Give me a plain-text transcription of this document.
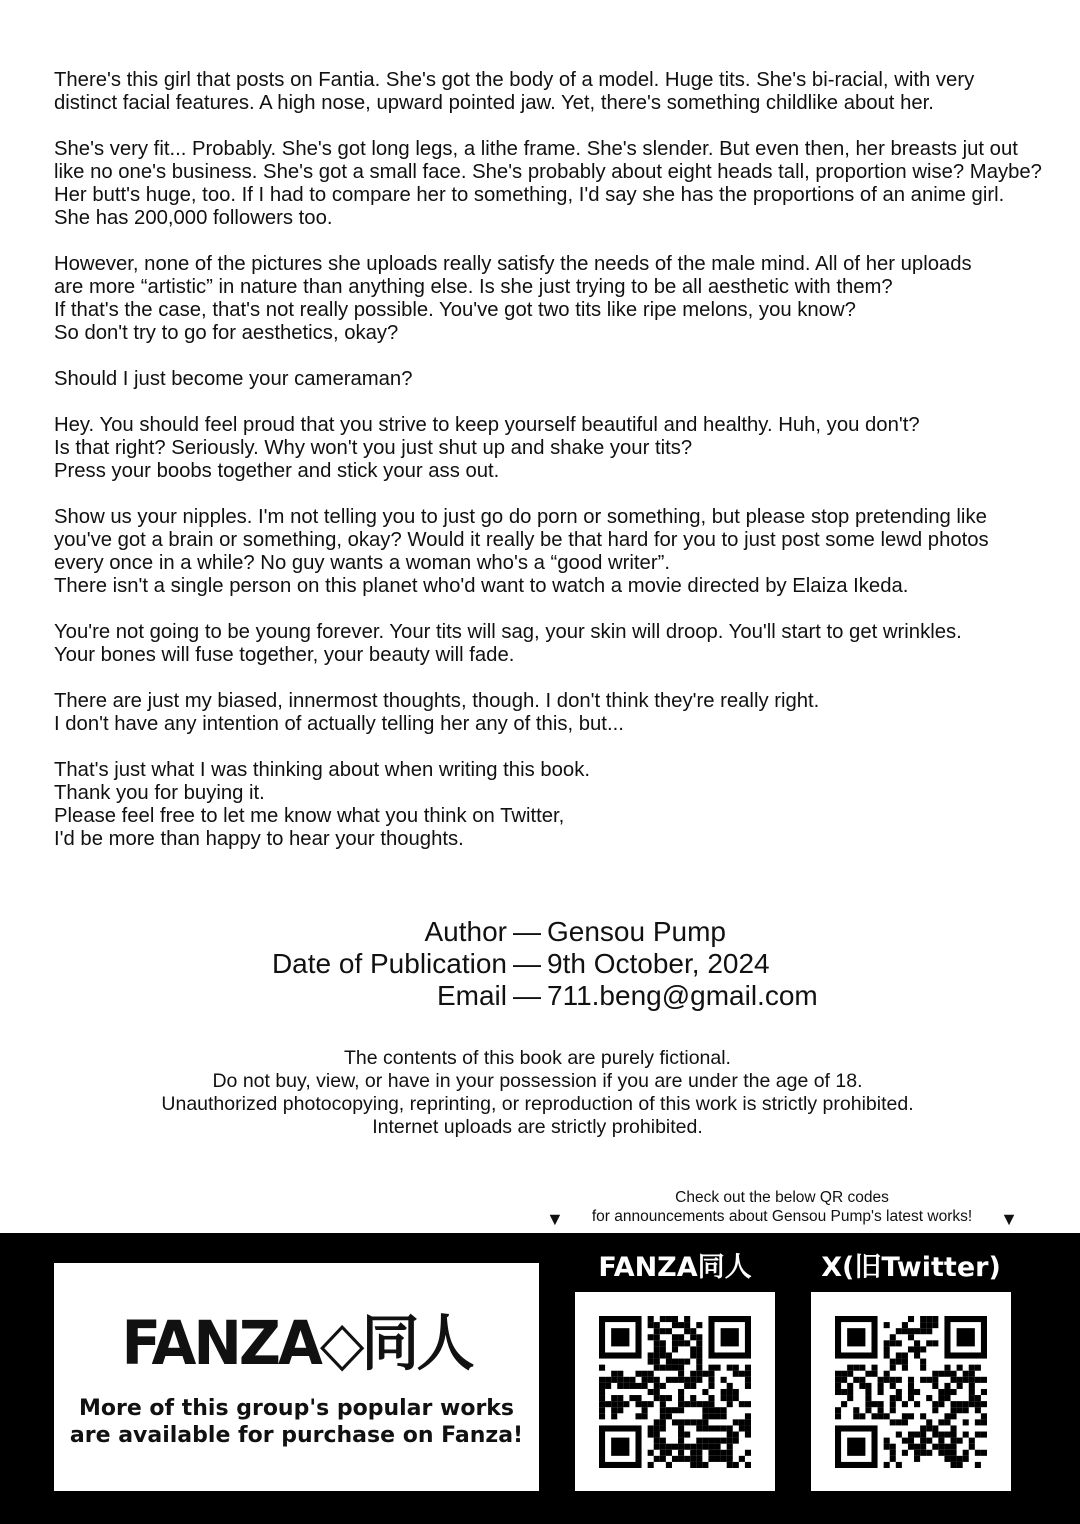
There's this girl that posts on Fantia. She's got the body of a model. Huge tits. She's bi-racial, with very
distinct facial features. A high nose, upward pointed jaw. Yet, there's something childlike about her.
She's very fit... Probably. She's got long legs, a lithe frame. She's slender. But even then, her breasts jut out
like no one's business. She's got a small face. She's probably about eight heads tall, proportion wise? Maybe?
Her butt's huge, too. If I had to compare her to something, I'd say she has the proportions of an anime girl.
She has 200,000 followers too.
However, none of the pictures she uploads really satisfy the needs of the male mind. All of her uploads
are more “artistic” in nature than anything else. Is she just trying to be all aesthetic with them?
If that's the case, that's not really possible. You've got two tits like ripe melons, you know?
So don't try to go for aesthetics, okay?
Should I just become your cameraman?
Hey. You should feel proud that you strive to keep yourself beautiful and healthy. Huh, you don't?
Is that right? Seriously. Why won't you just shut up and shake your tits?
Press your boobs together and stick your ass out.
Show us your nipples. I'm not telling you to just go do porn or something, but please stop pretending like
you've got a brain or something, okay? Would it really be that hard for you to just post some lewd photos
every once in a while? No guy wants a woman who's a “good writer”.
There isn't a single person on this planet who'd want to watch a movie directed by Elaiza Ikeda.
You're not going to be young forever. Your tits will sag, your skin will droop. You'll start to get wrinkles.
Your bones will fuse together, your beauty will fade.
There are just my biased, innermost thoughts, though. I don't think they're really right.
I don't have any intention of actually telling her any of this, but...
That's just what I was thinking about when writing this book.
Thank you for buying it.
Please feel free to let me know what you think on Twitter,
I'd be more than happy to hear your thoughts.
Author — Gensou Pump
Date of Publication — 9th October, 2024
Email — 711.beng@gmail.com
The contents of this book are purely fictional.
Do not buy, view, or have in your possession if you are under the age of 18.
Unauthorized photocopying, reprinting, or reproduction of this work is strictly prohibited.
Internet uploads are strictly prohibited.
▼
Check out the below QR codes
for announcements about Gensou Pump's latest works!	▼
FANZA◇同人
More of this group's popular works
are available for purchase on Fanza!
FANZA同人	X(旧Twitter)
